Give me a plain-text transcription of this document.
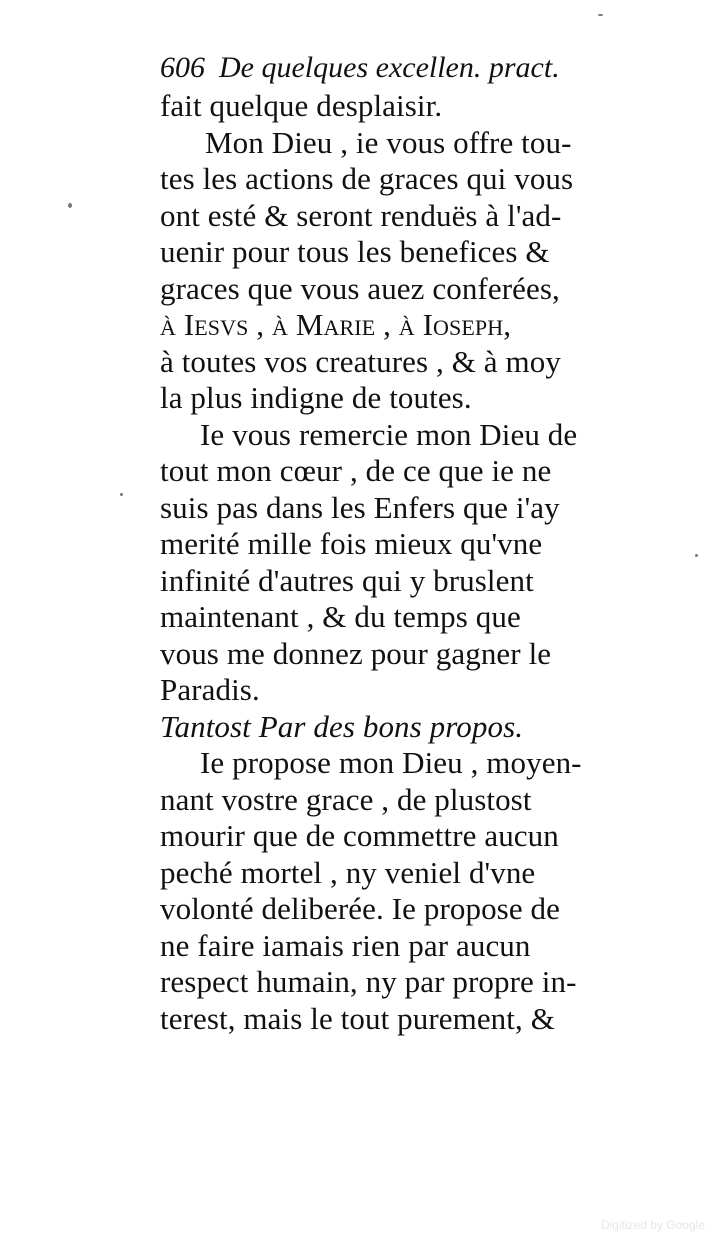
606 De quelques excellen. pract.
fait quelque desplaisir.
Mon Dieu , ie vous offre tou-
tes les actions de graces qui vous
ont esté & seront renduës à l'ad-
uenir pour tous les benefices &
graces que vous auez conferées,
à Iesvs , à Marie , à Ioseph,
à toutes vos creatures , & à moy
la plus indigne de toutes.
Ie vous remercie mon Dieu de
tout mon cœur , de ce que ie ne
suis pas dans les Enfers que i'ay
merité mille fois mieux qu'vne
infinité d'autres qui y bruslent
maintenant , & du temps que
vous me donnez pour gagner le
Paradis.
Tantost Par des bons propos.
Ie propose mon Dieu , moyen-
nant vostre grace , de plustost
mourir que de commettre aucun
peché mortel , ny veniel d'vne
volonté deliberée. Ie propose de
ne faire iamais rien par aucun
respect humain, ny par propre in-
terest, mais le tout purement, &
Digitized by Google
